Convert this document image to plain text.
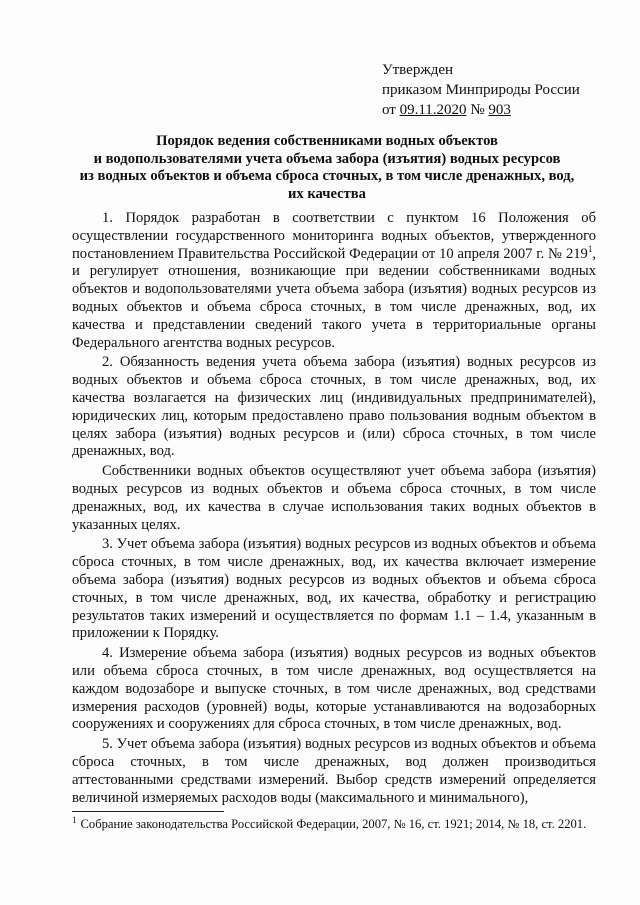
Утвержден
приказом Минприроды России
от 09.11.2020 № 903
Порядок ведения собственниками водных объектов
и водопользователями учета объема забора (изъятия) водных ресурсов
из водных объектов и объема сброса сточных, в том числе дренажных, вод,
их качества

1. Порядок разработан в соответствии с пунктом 16 Положения об осуществлении государственного мониторинга водных объектов, утвержденного постановлением Правительства Российской Федерации от 10 апреля 2007 г. № $219^1$, и регулирует отношения, возникающие при ведении собственниками водных объектов и водопользователями учета объема забора (изъятия) водных ресурсов из водных объектов и объема сброса сточных, в том числе дренажных, вод, их качества и представлении сведений такого учета в территориальные органы Федерального агентства водных ресурсов.

2. Обязанность ведения учета объема забора (изъятия) водных ресурсов из водных объектов и объема сброса сточных, в том числе дренажных, вод, их качества возлагается на физических лиц (индивидуальных предпринимателей), юридических лиц, которым предоставлено право пользования водным объектом в целях забора (изъятия) водных ресурсов и (или) сброса сточных, в том числе дренажных, вод.

Собственники водных объектов осуществляют учет объема забора (изъятия) водных ресурсов из водных объектов и объема сброса сточных, в том числе дренажных, вод, их качества в случае использования таких водных объектов в указанных целях.

3. Учет объема забора (изъятия) водных ресурсов из водных объектов и объема сброса сточных, в том числе дренажных, вод, их качества включает измерение объема забора (изъятия) водных ресурсов из водных объектов и объема сброса сточных, в том числе дренажных, вод, их качества, обработку и регистрацию результатов таких измерений и осуществляется по формам 1.1 – 1.4, указанным в приложении к Порядку.

4. Измерение объема забора (изъятия) водных ресурсов из водных объектов или объема сброса сточных, в том числе дренажных, вод осуществляется на каждом водозаборе и выпуске сточных, в том числе дренажных, вод средствами измерения расходов (уровней) воды, которые устанавливаются на водозаборных сооружениях и сооружениях для сброса сточных, в том числе дренажных, вод.

5. Учет объема забора (изъятия) водных ресурсов из водных объектов и объема сброса сточных, в том числе дренажных, вод должен производиться аттестованными средствами измерений. Выбор средств измерений определяется величиной измеряемых расходов воды (максимального и минимального),

$^1$ Собрание законодательства Российской Федерации, 2007, № 16, ст. 1921; 2014, № 18, ст. 2201.
